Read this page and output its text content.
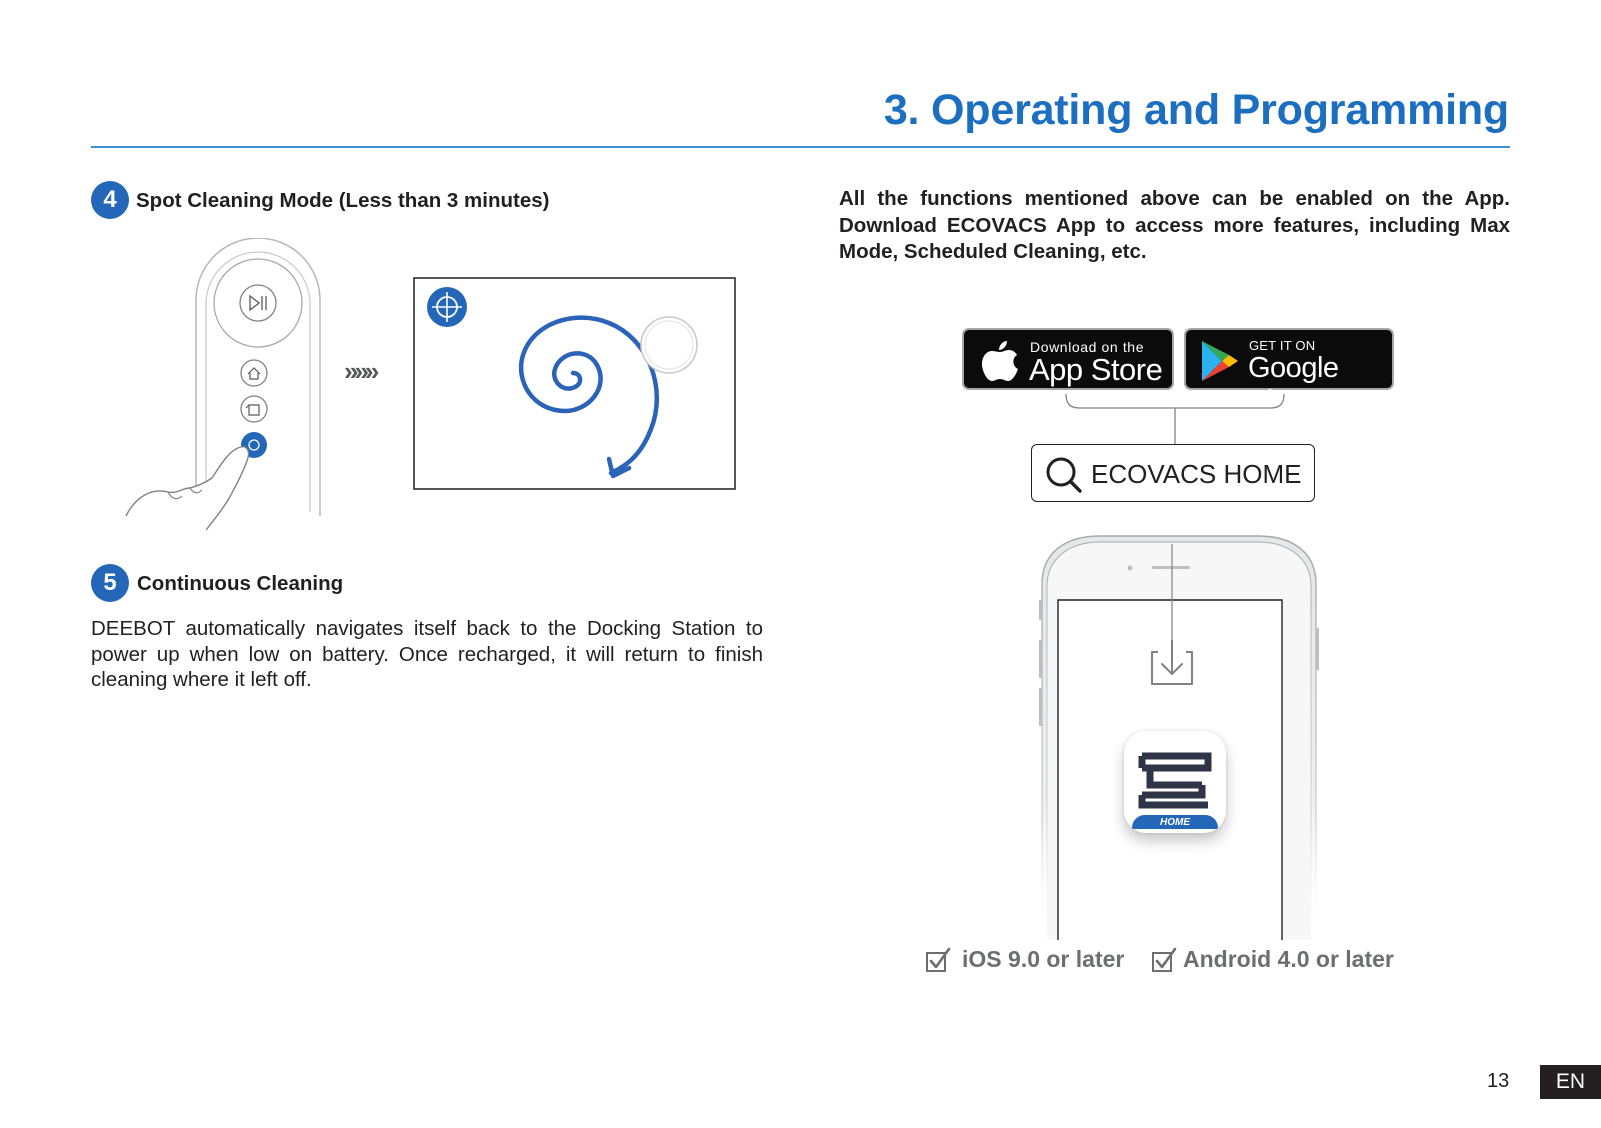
3. Operating and Programming
4 Spot Cleaning Mode (Less than 3 minutes)
»»»
5 Continuous Cleaning
DEEBOT automatically navigates itself back to the Docking Station to power up when low on battery. Once recharged, it will return to finish cleaning where it left off.
All the functions mentioned above can be enabled on the App. Download ECOVACS App to access more features, including Max Mode, Scheduled Cleaning, etc.
Download on the
App Store
GET IT ON
Google Play
ECOVACS HOME
HOME
iOS 9.0 or later	Android 4.0 or later
13	EN
